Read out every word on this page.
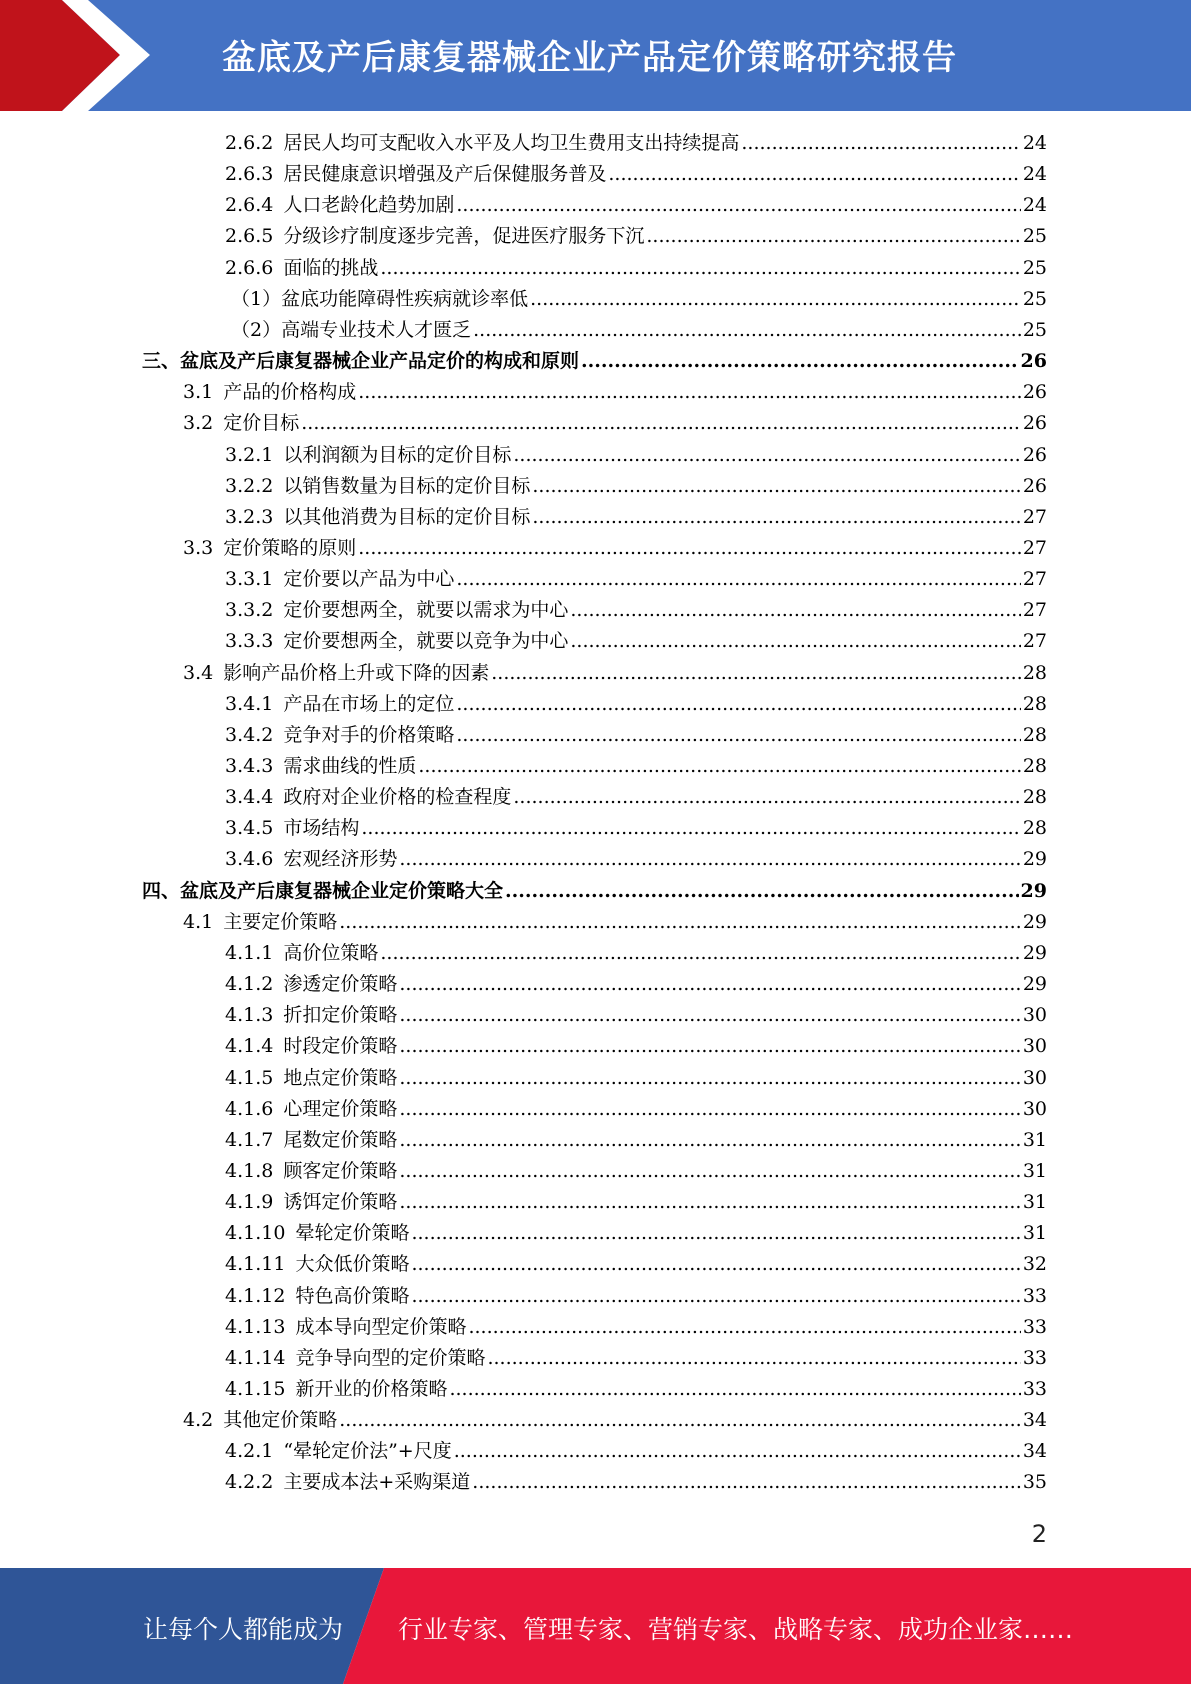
盆底及产后康复器械企业产品定价策略研究报告
2.6.2 居民人均可支配收入水平及人均卫生费用支出持续提高 .....	24
2.6.3 居民健康意识增强及产后保健服务普及 .....	24
2.6.4 人口老龄化趋势加剧 .....	24
2.6.5 分级诊疗制度逐步完善，促进医疗服务下沉 .....	25
2.6.6 面临的挑战 .....	25
（1）盆底功能障碍性疾病就诊率低 .....	25
（2）高端专业技术人才匮乏 .....	25
三、盆底及产后康复器械企业产品定价的构成和原则 .....	26
3.1 产品的价格构成 .....	26
3.2 定价目标 .....	26
3.2.1 以利润额为目标的定价目标 .....	26
3.2.2 以销售数量为目标的定价目标 .....	26
3.2.3 以其他消费为目标的定价目标 .....	27
3.3 定价策略的原则 .....	27
3.3.1 定价要以产品为中心 .....	27
3.3.2 定价要想两全，就要以需求为中心 .....	27
3.3.3 定价要想两全，就要以竞争为中心 .....	27
3.4 影响产品价格上升或下降的因素 .....	28
3.4.1 产品在市场上的定位 .....	28
3.4.2 竞争对手的价格策略 .....	28
3.4.3 需求曲线的性质 .....	28
3.4.4 政府对企业价格的检查程度 .....	28
3.4.5 市场结构 .....	28
3.4.6 宏观经济形势 .....	29
四、盆底及产后康复器械企业定价策略大全 .....	29
4.1 主要定价策略 .....	29
4.1.1 高价位策略 .....	29
4.1.2 渗透定价策略 .....	29
4.1.3 折扣定价策略 .....	30
4.1.4 时段定价策略 .....	30
4.1.5 地点定价策略 .....	30
4.1.6 心理定价策略 .....	30
4.1.7 尾数定价策略 .....	31
4.1.8 顾客定价策略 .....	31
4.1.9 诱饵定价策略 .....	31
4.1.10 晕轮定价策略 .....	31
4.1.11 大众低价策略 .....	32
4.1.12 特色高价策略 .....	33
4.1.13 成本导向型定价策略 .....	33
4.1.14 竞争导向型的定价策略 .....	33
4.1.15 新开业的价格策略 .....	33
4.2 其他定价策略 .....	34
4.2.1 “晕轮定价法”+尺度 .....	34
4.2.2 主要成本法+采购渠道 .....	35
2
让每个人都能成为 行业专家、管理专家、营销专家、战略专家、成功企业家……
